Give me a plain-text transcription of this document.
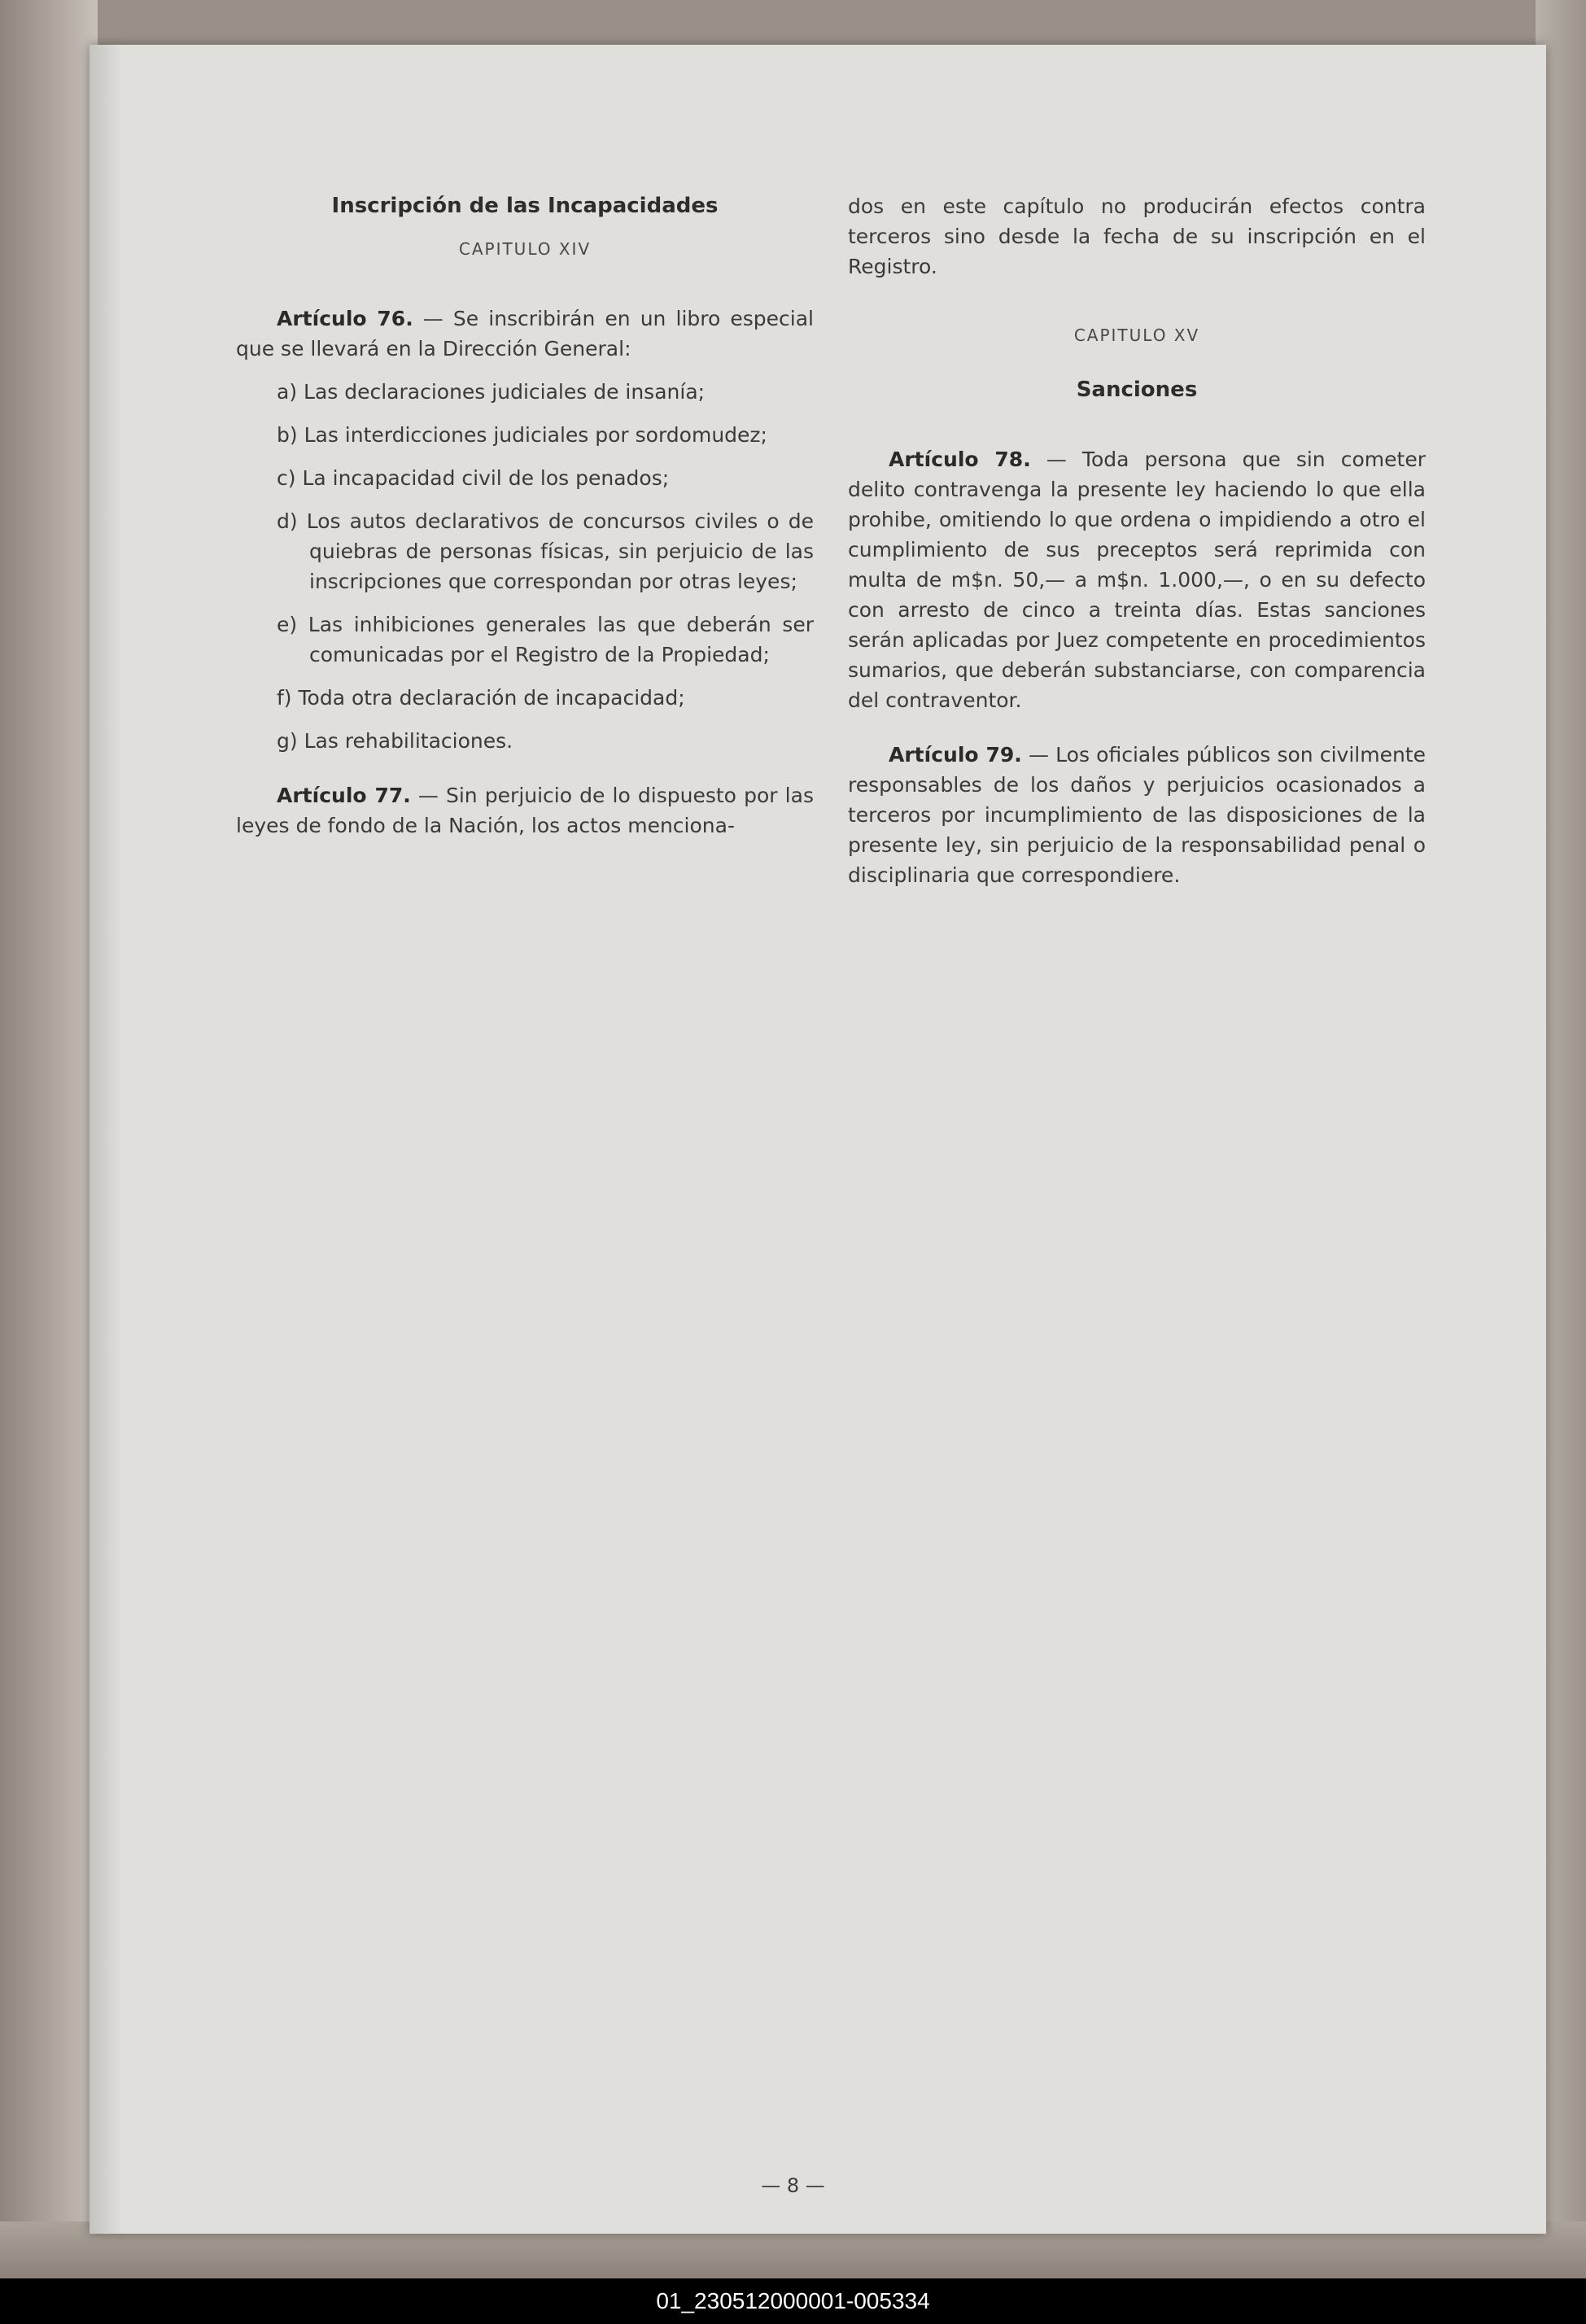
Inscripción de las Incapacidades

CAPITULO XIV

Artículo 76. — Se inscribirán en un libro especial que se llevará en la Dirección General:

a) Las declaraciones judiciales de insanía;

b) Las interdicciones judiciales por sordomudez;

c) La incapacidad civil de los penados;

d) Los autos declarativos de concursos civiles o de quiebras de personas físicas, sin perjuicio de las inscripciones que correspondan por otras leyes;

e) Las inhibiciones generales las que deberán ser comunicadas por el Registro de la Propiedad;

f) Toda otra declaración de incapacidad;

g) Las rehabilitaciones.

Artículo 77. — Sin perjuicio de lo dispuesto por las leyes de fondo de la Nación, los actos menciona-

dos en este capítulo no producirán efectos contra terceros sino desde la fecha de su inscripción en el Registro.

CAPITULO XV

Sanciones

Artículo 78. — Toda persona que sin cometer delito contravenga la presente ley haciendo lo que ella prohibe, omitiendo lo que ordena o impidiendo a otro el cumplimiento de sus preceptos será reprimida con multa de m$n. 50,— a m$n. 1.000,—, o en su defecto con arresto de cinco a treinta días. Estas sanciones serán aplicadas por Juez competente en procedimientos sumarios, que deberán substanciarse, con comparencia del contraventor.

Artículo 79. — Los oficiales públicos son civilmente responsables de los daños y perjuicios ocasionados a terceros por incumplimiento de las disposiciones de la presente ley, sin perjuicio de la responsabilidad penal o disciplinaria que correspondiere.

— 8 —
01_230512000001-005334
